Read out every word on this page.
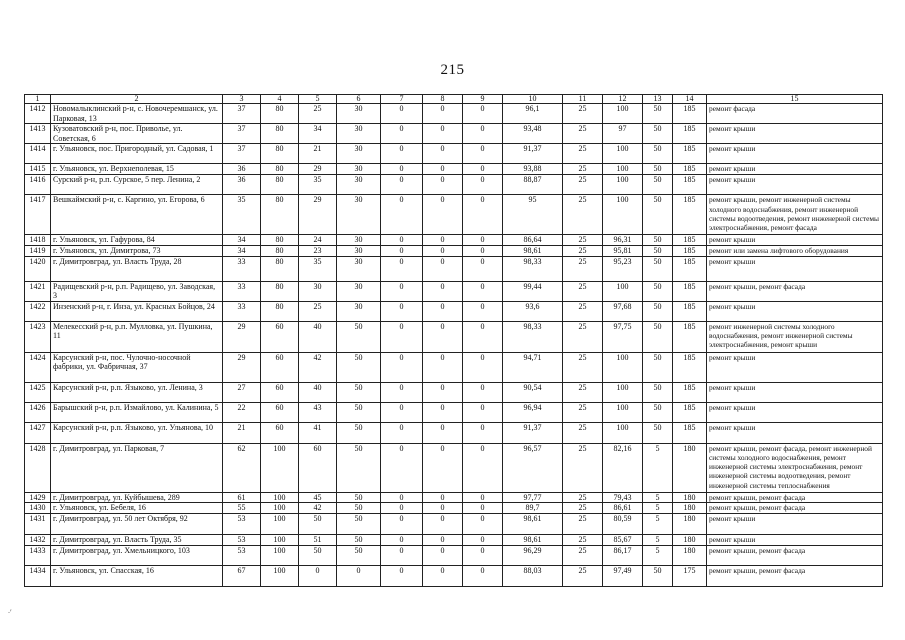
215
1	2	3	4	5	6	7	8	9	10	11	12	13	14	15
1412	Новомалыклинский р-н, с. Новочеремшанск, ул. Парковая, 13	37	80	25	30	0	0	0	96,1	25	100	50	185	ремонт фасада
1413	Кузоватовский р-н, пос. Приволье, ул. Советская, 6	37	80	34	30	0	0	0	93,48	25	97	50	185	ремонт крыши
1414	г. Ульяновск, пос. Пригородный, ул. Садовая, 1	37	80	21	30	0	0	0	91,37	25	100	50	185	ремонт крыши
1415	г. Ульяновск, ул. Верхнеполевая, 15	36	80	29	30	0	0	0	93,88	25	100	50	185	ремонт крыши
1416	Сурский р-н, р.п. Сурское, 5 пер. Ленина, 2	36	80	35	30	0	0	0	88,87	25	100	50	185	ремонт крыши
1417	Вешкаймский р-н, с. Каргино, ул. Егорова, 6	35	80	29	30	0	0	0	95	25	100	50	185	ремонт крыши, ремонт инженерной системы холодного водоснабжения, ремонт инженерной системы водоотведения, ремонт инженерной системы электроснабжения, ремонт фасада
1418	г. Ульяновск, ул. Гафурова, 84	34	80	24	30	0	0	0	86,64	25	96,31	50	185	ремонт крыши
1419	г. Ульяновск, ул. Димитрова, 73	34	80	23	30	0	0	0	98,61	25	95,81	50	185	ремонт или замена лифтового оборудования
1420	г. Димитровград, ул. Власть Труда, 28	33	80	35	30	0	0	0	98,33	25	95,23	50	185	ремонт крыши
1421	Радищевский р-н, р.п. Радищево, ул. Заводская, 3	33	80	30	30	0	0	0	99,44	25	100	50	185	ремонт крыши, ремонт фасада
1422	Инзенский р-н, г. Инза, ул. Красных Бойцов, 24	33	80	25	30	0	0	0	93,6	25	97,68	50	185	ремонт крыши
1423	Мелекесский р-н, р.п. Мулловка, ул. Пушкина, 11	29	60	40	50	0	0	0	98,33	25	97,75	50	185	ремонт инженерной системы холодного водоснабжения, ремонт инженерной системы электроснабжения, ремонт крыши
1424	Карсунский р-н, пос. Чулочно-носочной фабрики, ул. Фабричная, 37	29	60	42	50	0	0	0	94,71	25	100	50	185	ремонт крыши
1425	Карсунский р-н, р.п. Языково, ул. Ленина, 3	27	60	40	50	0	0	0	90,54	25	100	50	185	ремонт крыши
1426	Барышский р-н, р.п. Измайлово, ул. Калинина, 5	22	60	43	50	0	0	0	96,94	25	100	50	185	ремонт крыши
1427	Карсунский р-н, р.п. Языково, ул. Ульянова, 10	21	60	41	50	0	0	0	91,37	25	100	50	185	ремонт крыши
1428	г. Димитровград, ул. Парковая, 7	62	100	60	50	0	0	0	96,57	25	82,16	5	180	ремонт крыши, ремонт фасада, ремонт инженерной системы холодного водоснабжения, ремонт инженерной системы электроснабжения, ремонт инженерной системы водоотведения, ремонт инженерной системы теплоснабжения
1429	г. Димитровград, ул. Куйбышева, 289	61	100	45	50	0	0	0	97,77	25	79,43	5	180	ремонт крыши, ремонт фасада
1430	г. Ульяновск, ул. Бебеля, 16	55	100	42	50	0	0	0	89,7	25	86,61	5	180	ремонт крыши, ремонт фасада
1431	г. Димитровград, ул. 50 лет Октября, 92	53	100	50	50	0	0	0	98,61	25	80,59	5	180	ремонт крыши
1432	г. Димитровград, ул. Власть Труда, 35	53	100	51	50	0	0	0	98,61	25	85,67	5	180	ремонт крыши
1433	г. Димитровград, ул. Хмельницкого, 103	53	100	50	50	0	0	0	96,29	25	86,17	5	180	ремонт крыши, ремонт фасада
1434	г. Ульяновск, ул. Спасская, 16	67	100	0	0	0	0	0	88,03	25	97,49	50	175	ремонт крыши, ремонт фасада
∙′
